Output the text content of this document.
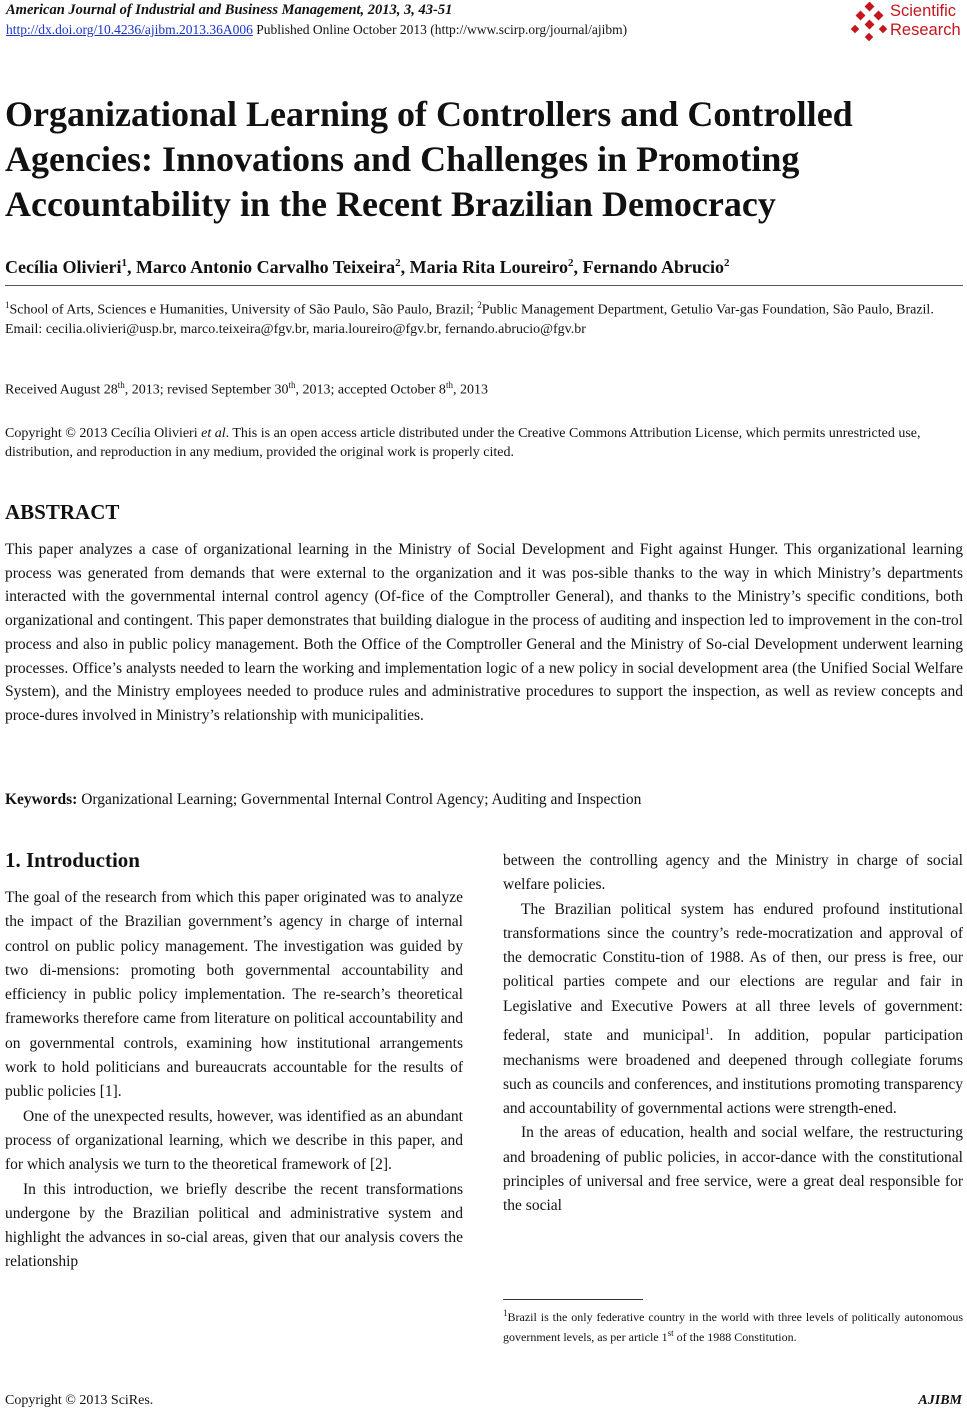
American Journal of Industrial and Business Management, 2013, 3, 43-51
http://dx.doi.org/10.4236/ajibm.2013.36A006 Published Online October 2013 (http://www.scirp.org/journal/ajibm)
Scientific
Research
Organizational Learning of Controllers and Controlled Agencies: Innovations and Challenges in Promoting Accountability in the Recent Brazilian Democracy
Cecília Olivieri$^1$, Marco Antonio Carvalho Teixeira$^2$, Maria Rita Loureiro$^2$, Fernando Abrucio$^2$
$^1$School of Arts, Sciences e Humanities, University of São Paulo, São Paulo, Brazil; $^2$Public Management Department, Getulio Var-gas Foundation, São Paulo, Brazil.
Email: cecilia.olivieri@usp.br, marco.teixeira@fgv.br, maria.loureiro@fgv.br, fernando.abrucio@fgv.br
Received August 28th, 2013; revised September 30th, 2013; accepted October 8th, 2013
Copyright © 2013 Cecília Olivieri et al. This is an open access article distributed under the Creative Commons Attribution License, which permits unrestricted use, distribution, and reproduction in any medium, provided the original work is properly cited.
ABSTRACT
This paper analyzes a case of organizational learning in the Ministry of Social Development and Fight against Hunger. This organizational learning process was generated from demands that were external to the organization and it was pos-sible thanks to the way in which Ministry’s departments interacted with the governmental internal control agency (Of-fice of the Comptroller General), and thanks to the Ministry’s specific conditions, both organizational and contingent. This paper demonstrates that building dialogue in the process of auditing and inspection led to improvement in the con-trol process and also in public policy management. Both the Office of the Comptroller General and the Ministry of So-cial Development underwent learning processes. Office’s analysts needed to learn the working and implementation logic of a new policy in social development area (the Unified Social Welfare System), and the Ministry employees needed to produce rules and administrative procedures to support the inspection, as well as review concepts and proce-dures involved in Ministry’s relationship with municipalities.
Keywords: Organizational Learning; Governmental Internal Control Agency; Auditing and Inspection
1. Introduction

The goal of the research from which this paper originated was to analyze the impact of the Brazilian government’s agency in charge of internal control on public policy management. The investigation was guided by two di-mensions: promoting both governmental accountability and efficiency in public policy implementation. The re-search’s theoretical frameworks therefore came from literature on political accountability and on governmental controls, examining how institutional arrangements work to hold politicians and bureaucrats accountable for the results of public policies [1].

One of the unexpected results, however, was identified as an abundant process of organizational learning, which we describe in this paper, and for which analysis we turn to the theoretical framework of [2].

In this introduction, we briefly describe the recent transformations undergone by the Brazilian political and administrative system and highlight the advances in so-cial areas, given that our analysis covers the relationship

between the controlling agency and the Ministry in charge of social welfare policies.

The Brazilian political system has endured profound institutional transformations since the country’s rede-mocratization and approval of the democratic Constitu-tion of 1988. As of then, our press is free, our political parties compete and our elections are regular and fair in Legislative and Executive Powers at all three levels of government: federal, state and municipal$^1$. In addition, popular participation mechanisms were broadened and deepened through collegiate forums such as councils and conferences, and institutions promoting transparency and accountability of governmental actions were strength-ened.

In the areas of education, health and social welfare, the restructuring and broadening of public policies, in accor-dance with the constitutional principles of universal and free service, were a great deal responsible for the social

$^1$Brazil is the only federative country in the world with three levels of politically autonomous government levels, as per article 1st of the 1988 Constitution.
Copyright © 2013 SciRes.	AJIBM
